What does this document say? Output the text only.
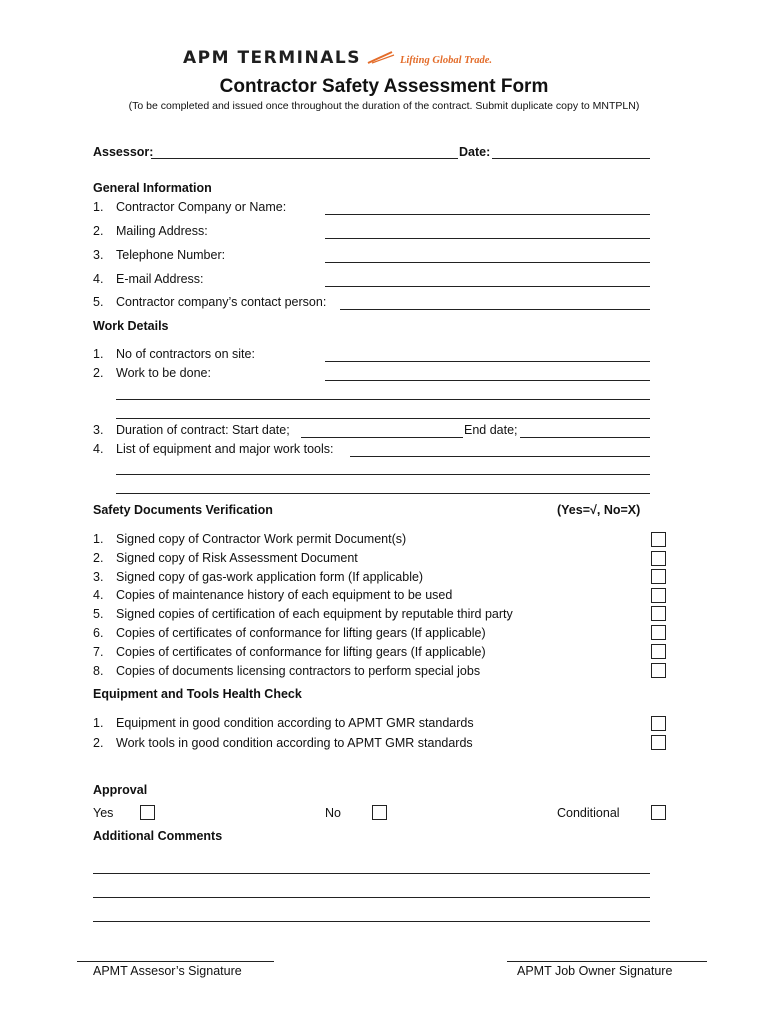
APM TERMINALS	Lifting Global Trade.
Contractor Safety Assessment Form
(To be completed and issued once throughout the duration of the contract. Submit duplicate copy to MNTPLN)
Assessor:	Date:
General Information
1. Contractor Company or Name:
2. Mailing Address:
3. Telephone Number:
4. E-mail Address:
5. Contractor company’s contact person:
Work Details
1. No of contractors on site:
2. Work to be done:
3. Duration of contract: Start date;	End date;
4. List of equipment and major work tools:
Safety Documents Verification	(Yes=√, No=X)
1. Signed copy of Contractor Work permit Document(s)
2. Signed copy of Risk Assessment Document
3. Signed copy of gas-work application form (If applicable)
4. Copies of maintenance history of each equipment to be used
5. Signed copies of certification of each equipment by reputable third party
6. Copies of certificates of conformance for lifting gears (If applicable)
7. Copies of certificates of conformance for lifting gears (If applicable)
8. Copies of documents licensing contractors to perform special jobs
Equipment and Tools Health Check
1. Equipment in good condition according to APMT GMR standards
2. Work tools in good condition according to APMT GMR standards
Approval
Yes	No	Conditional
Additional Comments
APMT Assesor’s Signature	APMT Job Owner Signature
